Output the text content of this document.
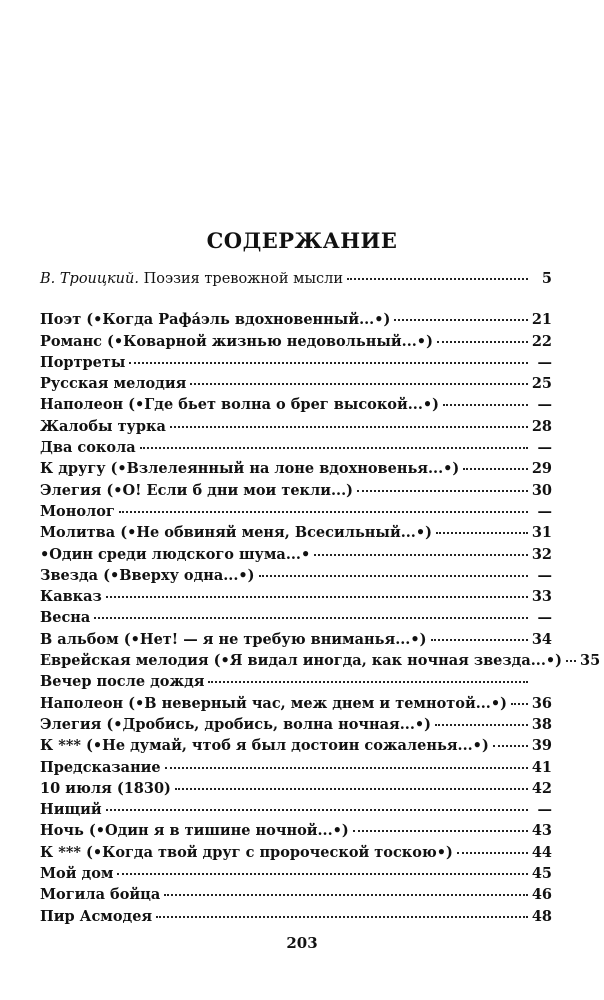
СОДЕРЖАНИЕ
В. Троицкий. Поэзия тревожной мысли	5
Поэт (•Когда Рафа́эль вдохновенный...•)	21
Романс (•Коварной жизнью недовольный...•)	22
Портреты	—
Русская мелодия	25
Наполеон (•Где бьет волна о брег высокой...•)	—
Жалобы турка	28
Два сокола	—
К другу (•Взлелеянный на лоне вдохновенья...•)	29
Элегия (•О! Если б дни мои текли...)	30
Монолог	—
Молитва (•Не обвиняй меня, Всесильный...•)	31
•Один среди людского шума...•	32
Звезда (•Вверху одна...•)	—
Кавказ	33
Весна	—
В альбом (•Нет! — я не требую вниманья...•)	34
Еврейская мелодия (•Я видал иногда, как ночная звезда...•) 35
Вечер после дождя
Наполеон (•В неверный час, меж днем и темнотой...•) 36
Элегия (•Дробись, дробись, волна ночная...•)	38
К *** (•Не думай, чтоб я был достоин сожаленья...•)	39
Предсказание	41
10 июля (1830)	42
Нищий	—
Ночь (•Один я в тишине ночной...•)	43
К *** (•Когда твой друг с пророческой тоскою•)	44
Мой дом	45
Могила бойца	46
Пир Асмодея	48
203
